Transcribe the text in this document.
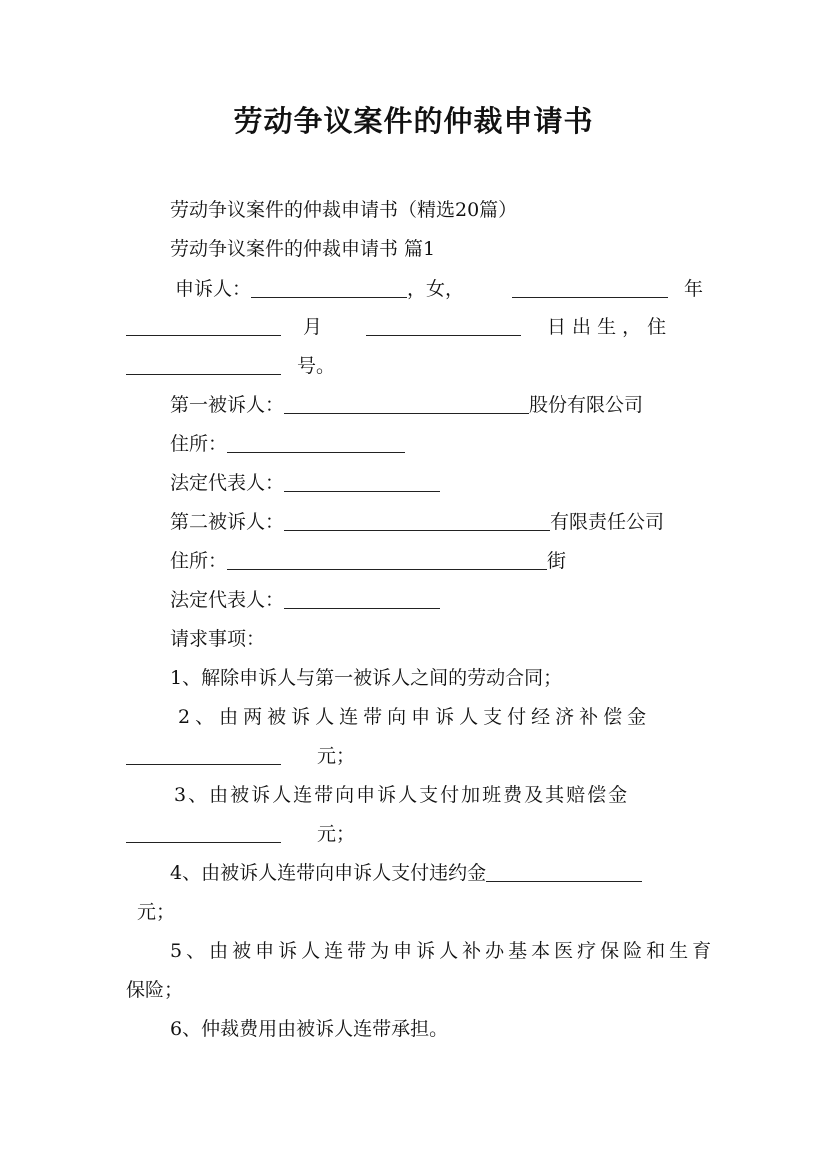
劳动争议案件的仲裁申请书
劳动争议案件的仲裁申请书（精选20篇）
劳动争议案件的仲裁申请书 篇1
申诉人：	，女，	年
月	日 出 生 ， 住
号。
第一被诉人：	股份有限公司
住所：
法定代表人：
第二被诉人：	有限责任公司
住所：	街
法定代表人：
请求事项：
1、解除申诉人与第一被诉人之间的劳动合同；
2、由两被诉人连带向申诉人支付经济补偿金
元；
3、由被诉人连带向申诉人支付加班费及其赔偿金
元；
4、由被诉人连带向申诉人支付违约金
元；
5、由被申诉人连带为申诉人补办基本医疗保险和生育
保险；
6、仲裁费用由被诉人连带承担。
